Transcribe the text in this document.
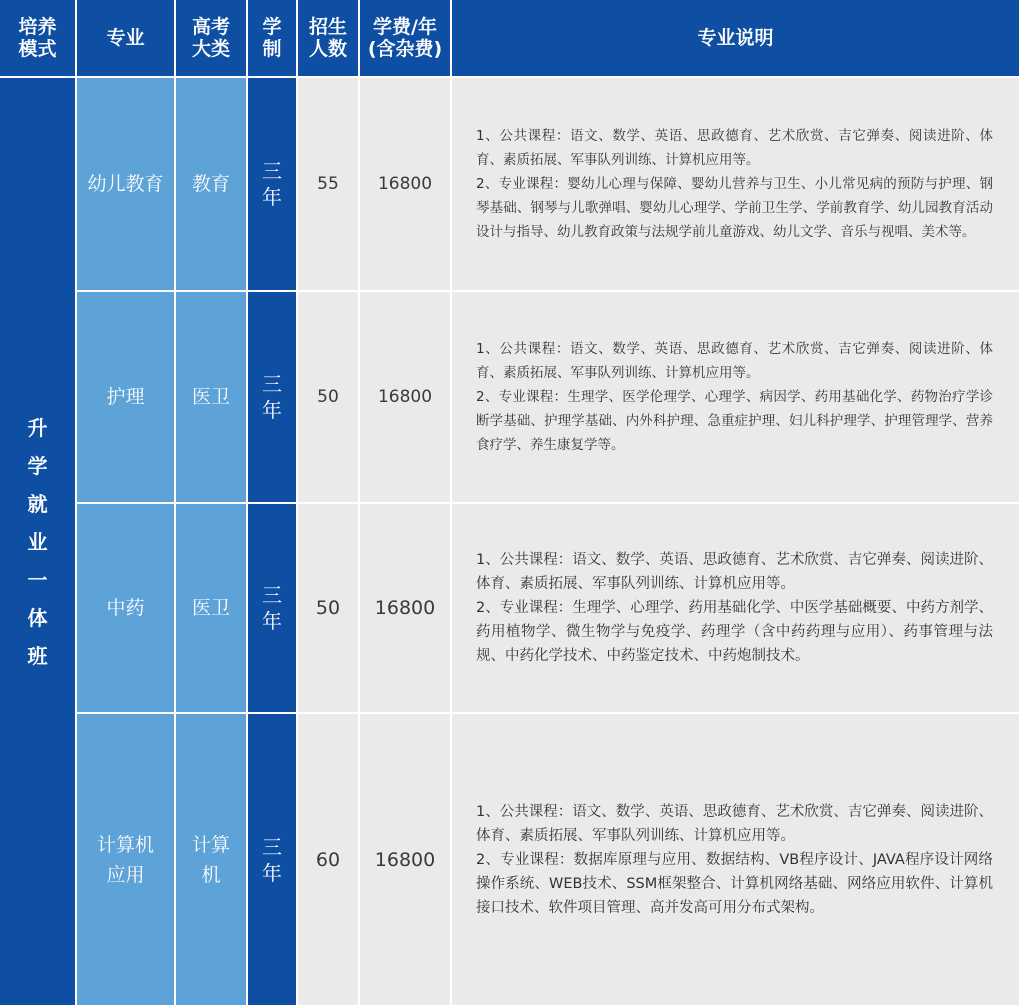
培养
模式	专业 高考
大类
学
制
招生
人数
学费/年
(含杂费)	专业说明
升
学
就
业
一
体
班
幼儿教育 教育
三
年
55 16800
1、公共课程：语文、数学、英语、思政德育、艺术欣赏、吉它弹奏、阅读进阶、体育、素质拓展、军事队列训练、计算机应用等。
2、专业课程：婴幼儿心理与保障、婴幼儿营养与卫生、小儿常见病的预防与护理、钢琴基础、钢琴与儿歌弹唱、婴幼儿心理学、学前卫生学、学前教育学、幼儿园教育活动设计与指导、幼儿教育政策与法规学前儿童游戏、幼儿文学、音乐与视唱、美术等。
护理 医卫
三
年
50 16800
1、公共课程：语文、数学、英语、思政德育、艺术欣赏、吉它弹奏、阅读进阶、体育、素质拓展、军事队列训练、计算机应用等。
2、专业课程：生理学、医学伦理学、心理学、病因学、药用基础化学、药物治疗学诊断学基础、护理学基础、内外科护理、急重症护理、妇儿科护理学、护理管理学、营养食疗学、养生康复学等。
中药 医卫
三
年
50 16800
1、公共课程：语文、数学、英语、思政德育、艺术欣赏、吉它弹奏、阅读进阶、体育、素质拓展、军事队列训练、计算机应用等。
2、专业课程：生理学、心理学、药用基础化学、中医学基础概要、中药方剂学、药用植物学、微生物学与免疫学、药理学（含中药药理与应用）、药事管理与法规、中药化学技术、中药鉴定技术、中药炮制技术。
计算机
应用
计算
机
三
年
60 16800
1、公共课程：语文、数学、英语、思政德育、艺术欣赏、吉它弹奏、阅读进阶、体育、素质拓展、军事队列训练、计算机应用等。
2、专业课程：数据库原理与应用、数据结构、VB程序设计、JAVA程序设计网络操作系统、WEB技术、SSM框架整合、计算机网络基础、网络应用软件、计算机接口技术、软件项目管理、高并发高可用分布式架构。
